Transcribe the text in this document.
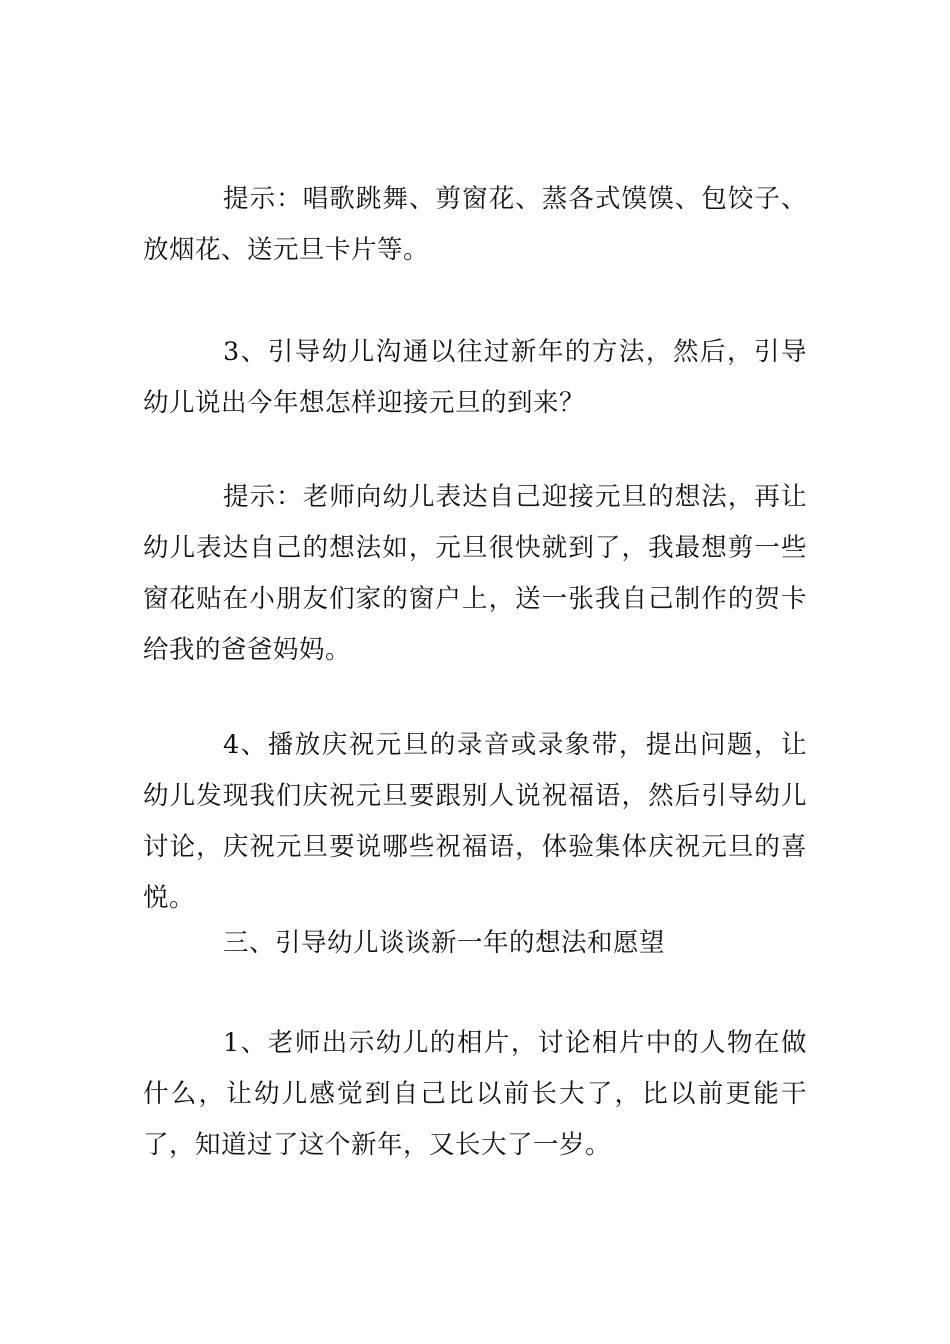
提示：唱歌跳舞、剪窗花、蒸各式馍馍、包饺子、放烟花、送元旦卡片等。

3、引导幼儿沟通以往过新年的方法，然后，引导幼儿说出今年想怎样迎接元旦的到来？

提示：老师向幼儿表达自己迎接元旦的想法，再让幼儿表达自己的想法如，元旦很快就到了，我最想剪一些窗花贴在小朋友们家的窗户上，送一张我自己制作的贺卡给我的爸爸妈妈。

4、播放庆祝元旦的录音或录象带，提出问题，让幼儿发现我们庆祝元旦要跟别人说祝福语，然后引导幼儿讨论，庆祝元旦要说哪些祝福语，体验集体庆祝元旦的喜悦。

三、引导幼儿谈谈新一年的想法和愿望

1、老师出示幼儿的相片，讨论相片中的人物在做什么，让幼儿感觉到自己比以前长大了，比以前更能干了，知道过了这个新年，又长大了一岁。
